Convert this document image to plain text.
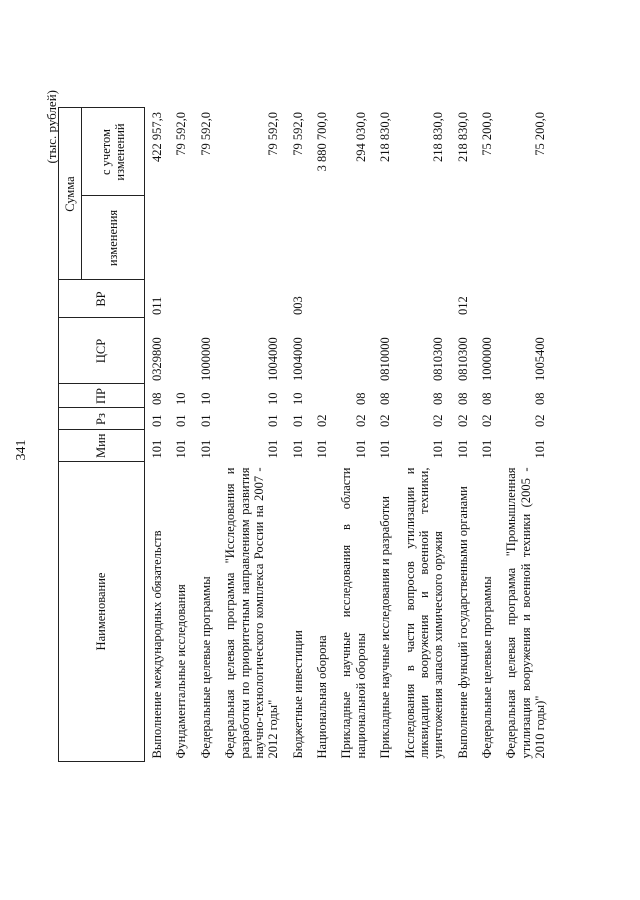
341
(тыс. рублей)
Наименование	Мин	Рз	ПР	ЦСР	ВР	Сумма	
						изменения	с учетом изменений
Выполнение международных обязательств	101	01	08	0329800	011		422 957,3
Фундаментальные исследования	101	01	10				79 592,0
Федеральные целевые программы	101	01	10	1000000			79 592,0
Федеральная целевая программа "Исследования и разработки по приоритетным направлениям развития научно-технологического комплекса России на 2007 - 2012 годы"	101	01	10	1004000			79 592,0
Бюджетные инвестиции	101	01	10	1004000	003		79 592,0
Национальная оборона	101	02					3 880 700,0
Прикладные научные исследования в области национальной обороны	101	02	08				294 030,0
Прикладные научные исследования и разработки	101	02	08	0810000			218 830,0
Исследования в части вопросов утилизации и ликвидации вооружения и военной техники, уничтожения запасов химического оружия	101	02	08	0810300			218 830,0
Выполнение функций государственными органами	101	02	08	0810300	012		218 830,0
Федеральные целевые программы	101	02	08	1000000			75 200,0
Федеральная целевая программа "Промышленная утилизация вооружения и военной техники (2005 - 2010 годы)"	101	02	08	1005400			75 200,0
